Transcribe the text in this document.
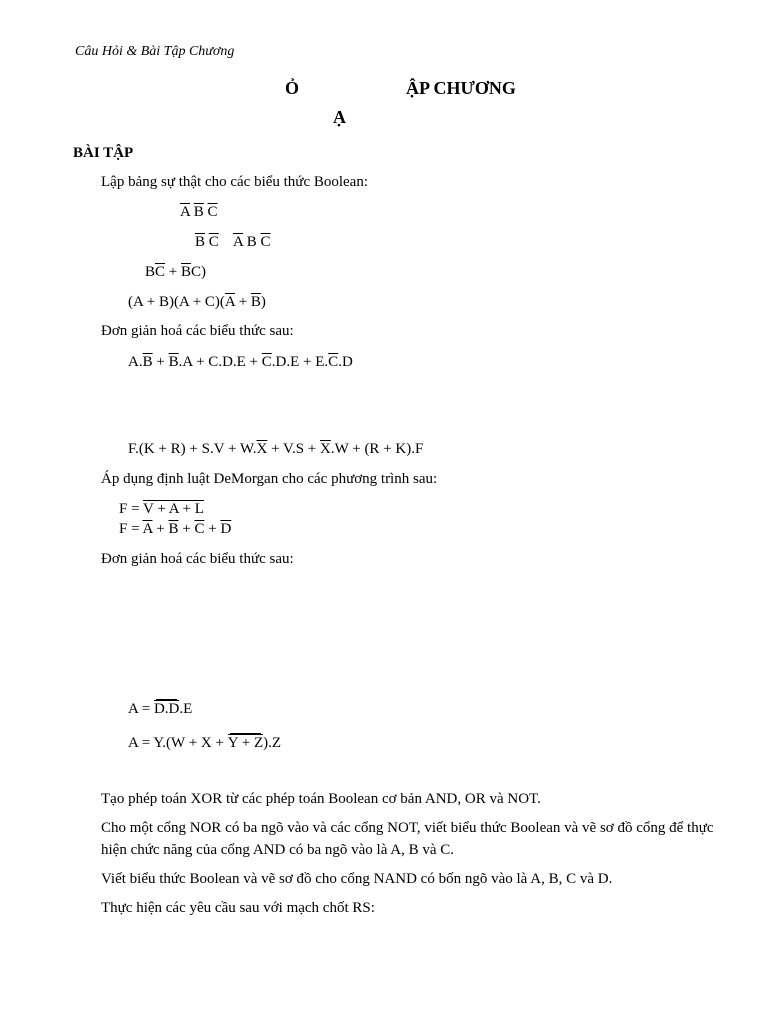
Câu Hỏi & Bài Tập Chương
Ỏ	ẬP CHƯƠNG
Ạ
BÀI TẬP
Lập bảng sự thật cho các biểu thức Boolean:
$\overline{A}$ $\overline{B}$ $\overline{C}$
$\overline{B}$ $\overline{C}$ $\overline{A}$ B $\overline{C}$
$B\overline{C} + \overline{B}C$)
$(A + B)(A + C)(\overline{A} + \overline{B})$
Đơn giản hoá các biểu thức sau:
$A.\overline{B} + \overline{B}.A + C.D.E + \overline{C}.D.E + E.\overline{C}.D$
$F.(K + R) + S.V + W.\overline{X} + V.S + \overline{X}.W + (R + K).F$
Áp dụng định luật DeMorgan cho các phương trình sau:
F = V + A + L
$F = \overline{A} + \overline{B} + \overline{C} + \overline{D}$
Đơn giản hoá các biểu thức sau:
A = D.D.E
A = Y.(W + X + Y + Z).Z
Tạo phép toán XOR từ các phép toán Boolean cơ bản AND, OR và NOT.
Cho một cổng NOR có ba ngõ vào và các cổng NOT, viết biểu thức Boolean và vẽ sơ đồ cổng để thực hiện chức năng của cổng AND có ba ngõ vào là A, B và C.
Viết biểu thức Boolean và vẽ sơ đồ cho cổng NAND có bốn ngõ vào là A, B, C và D.
Thực hiện các yêu cầu sau với mạch chốt RS:
